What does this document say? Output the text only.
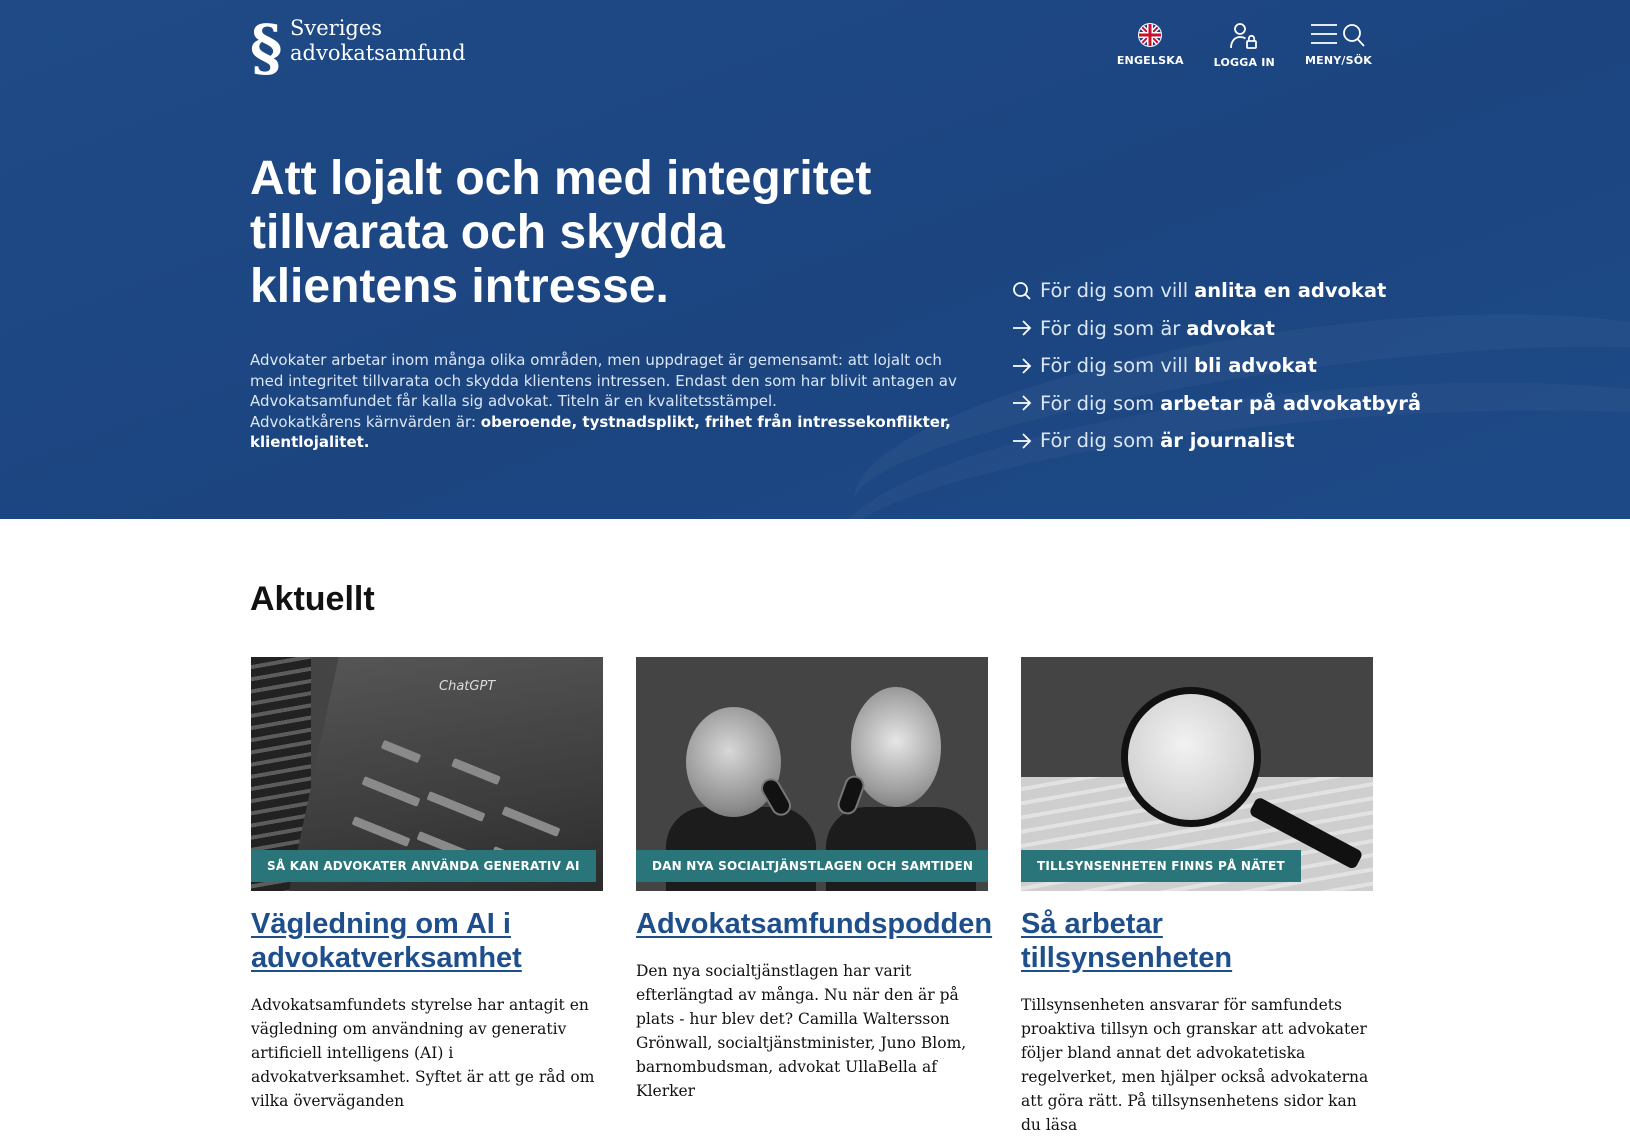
§ Sveriges
advokatsamfund	ENGELSKA	LOGGA IN	MENY/SÖK
Att lojalt och med integritet tillvarata och skydda klientens intresse.

Advokater arbetar inom många olika områden, men uppdraget är gemensamt: att lojalt och med integritet tillvarata och skydda klientens intressen. Endast den som har blivit antagen av Advokatsamfundet får kalla sig advokat. Titeln är en kvalitetsstämpel.
Advokatkårens kärnvärden är: oberoende, tystnadsplikt, frihet från intressekonflikter, klientlojalitet.

För dig som vill anlita en advokat
För dig som är advokat
För dig som vill bli advokat
För dig som arbetar på advokatbyrå
För dig som är journalist
Aktuellt
ChatGPT
SÅ KAN ADVOKATER ANVÄNDA GENERATIV AI
Vägledning om AI i advokatverksamhet

Advokatsamfundets styrelse har antagit en vägledning om användning av generativ artificiell intelligens (AI) i advokatverksamhet. Syftet är att ge råd om vilka överväganden

DAN NYA SOCIALTJÄNSTLAGEN OCH SAMTIDEN
Advokatsamfundspodden

Den nya socialtjänstlagen har varit efterlängtad av många. Nu när den är på plats - hur blev det? Camilla Waltersson Grönwall, socialtjänstminister, Juno Blom, barnombudsman, advokat UllaBella af Klerker

TILLSYNSENHETEN FINNS PÅ NÄTET
Så arbetar tillsynsenheten

Tillsynsenheten ansvarar för samfundets proaktiva tillsyn och granskar att advokater följer bland annat det advokatetiska regelverket, men hjälper också advokaterna att göra rätt. På tillsynsenhetens sidor kan du läsa
